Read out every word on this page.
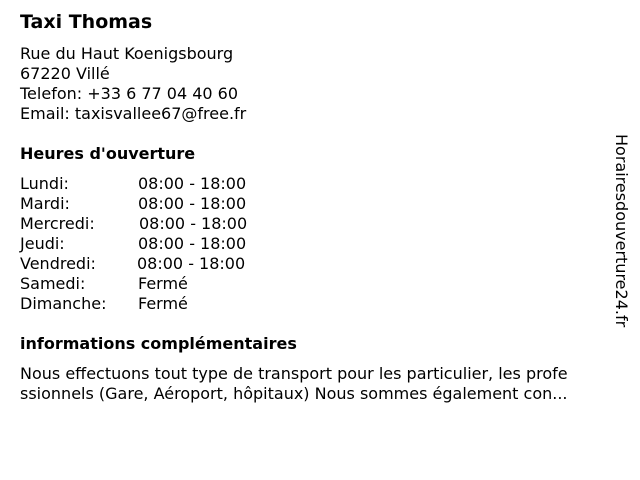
Taxi Thomas
Rue du Haut Koenigsbourg
67220 Villé
Telefon: +33 6 77 04 40 60
Email: taxisvallee67@free.fr
Heures d'ouverture
Lundi:	08:00 - 18:00
Mardi:	08:00 - 18:00
Mercredi:	08:00 - 18:00
Jeudi:	08:00 - 18:00
Vendredi:	08:00 - 18:00
Samedi:	Fermé
Dimanche: Fermé
informations complémentaires
Nous effectuons tout type de transport pour les particulier, les profe
ssionnels (Gare, Aéroport, hôpitaux) Nous sommes également con...
Horairesdouverture24.fr
